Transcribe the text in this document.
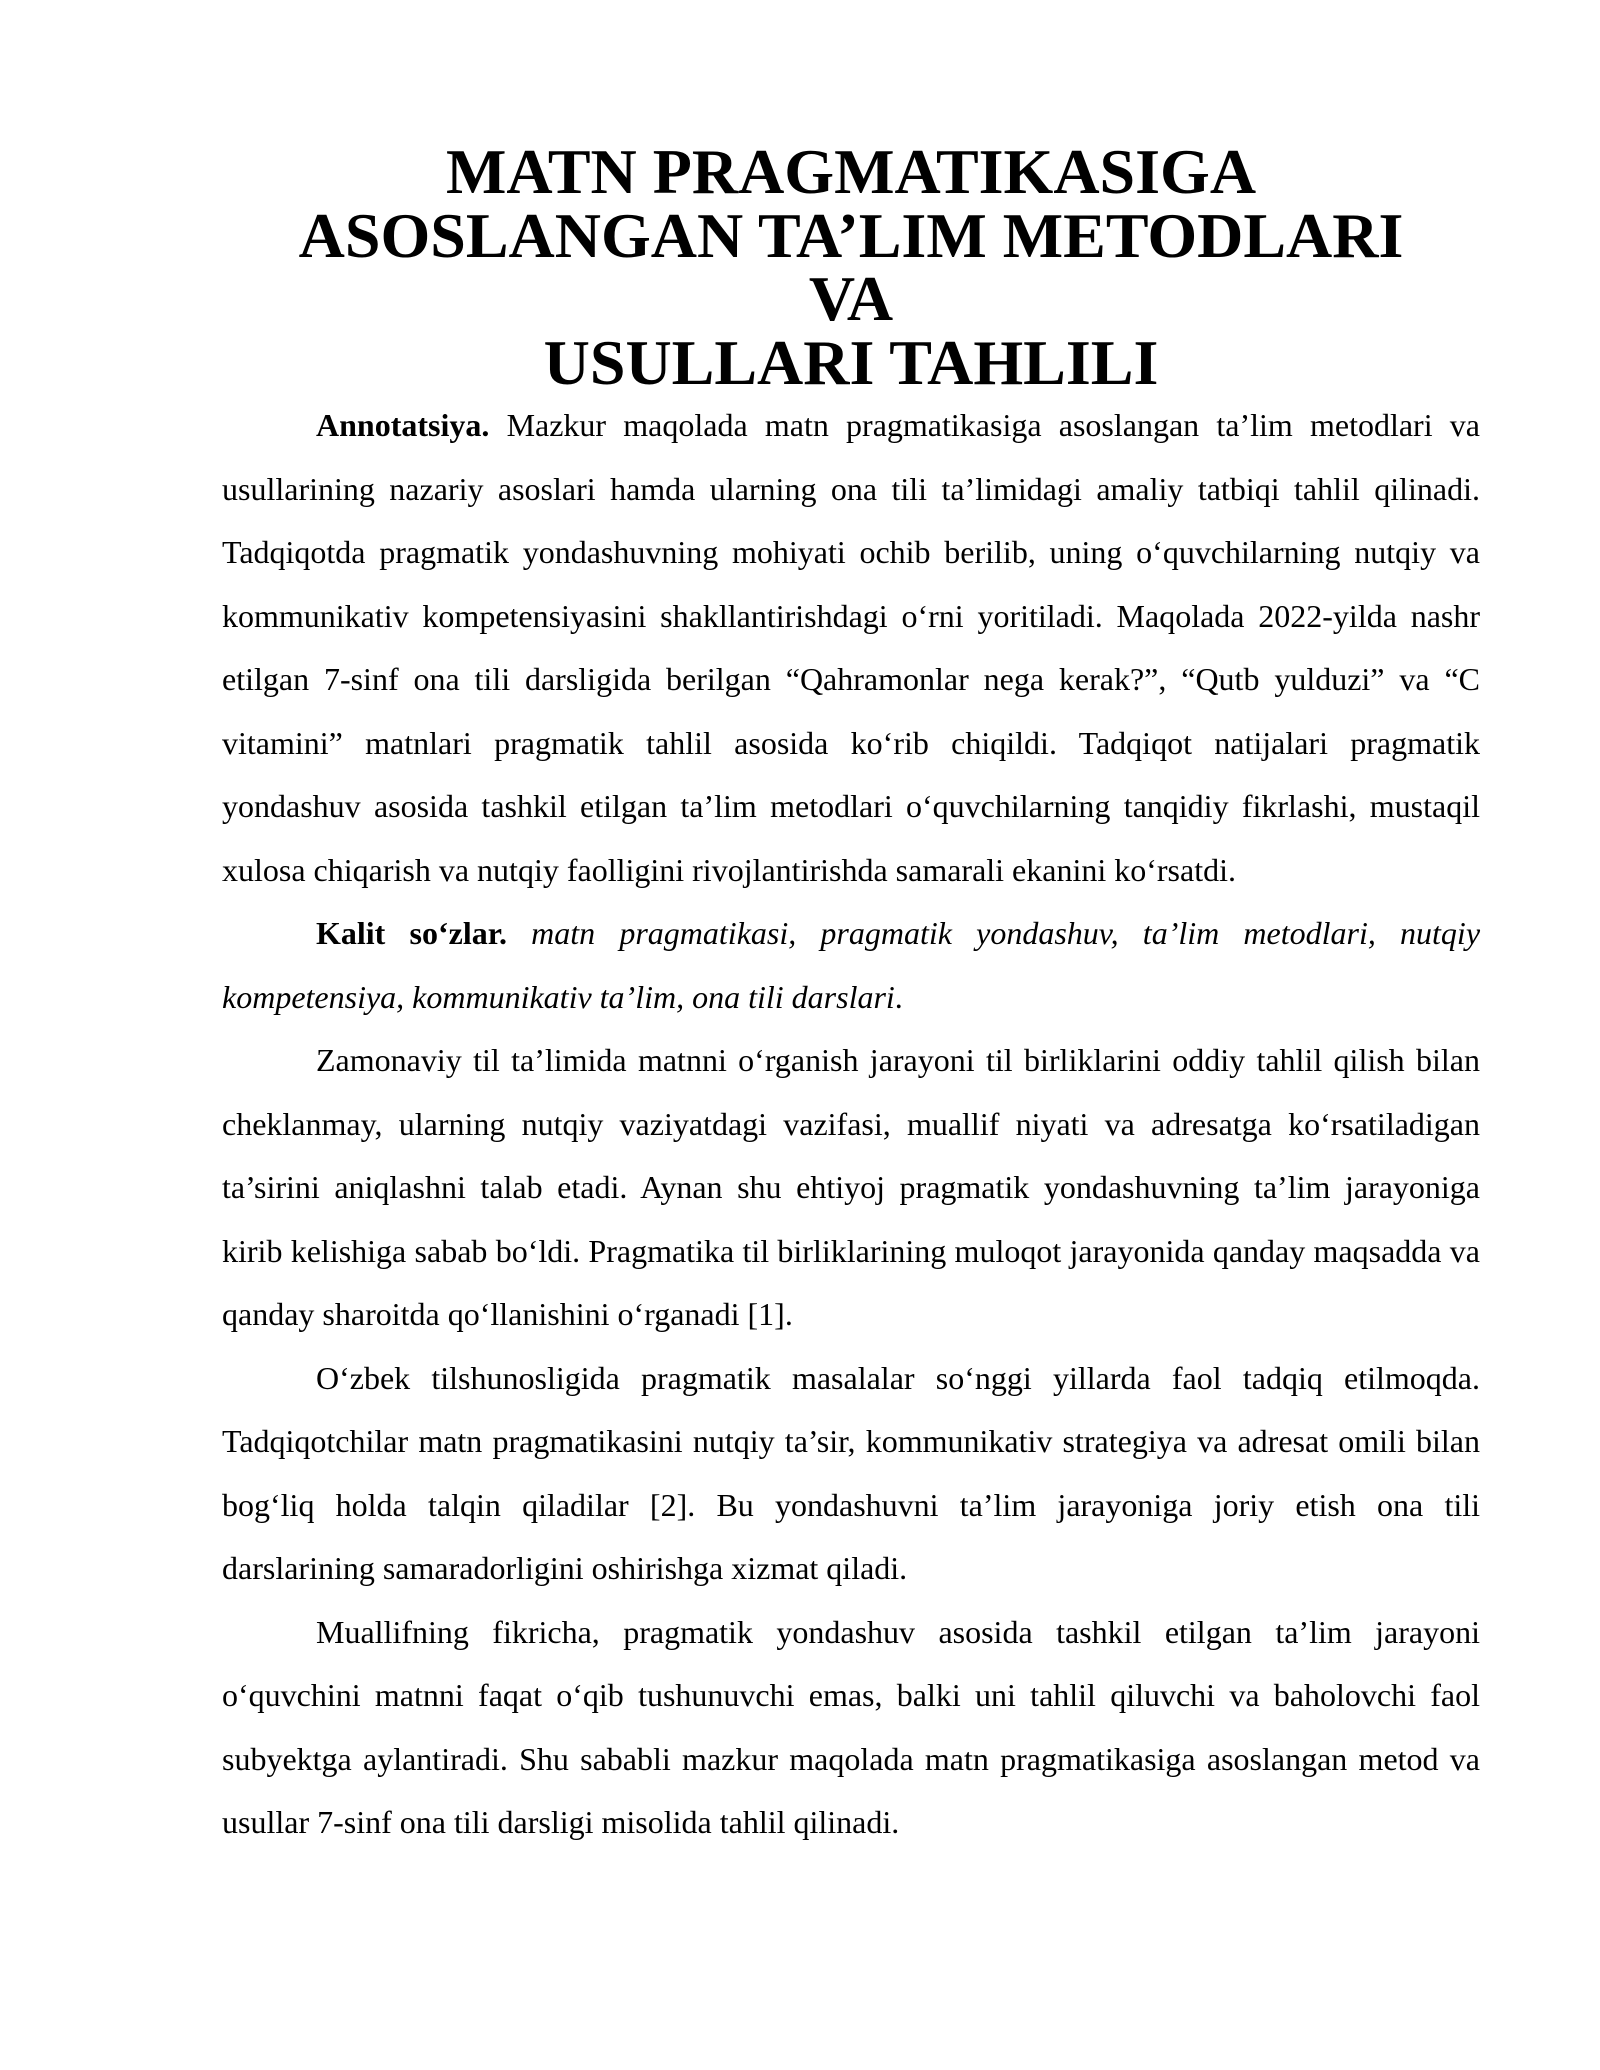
MATN PRAGMATIKASIGA ASOSLANGAN TA’LIM METODLARI VA
USULLARI TAHLILI

Annotatsiya. Mazkur maqolada matn pragmatikasiga asoslangan ta’lim metodlari va usullarining nazariy asoslari hamda ularning ona tili ta’limidagi amaliy tatbiqi tahlil qilinadi. Tadqiqotda pragmatik yondashuvning mohiyati ochib berilib, uning o‘quvchilarning nutqiy va kommunikativ kompetensiyasini shakllantirishdagi o‘rni yoritiladi. Maqolada 2022-yilda nashr etilgan 7-sinf ona tili darsligida berilgan “Qahramonlar nega kerak?”, “Qutb yulduzi” va “C vitamini” matnlari pragmatik tahlil asosida ko‘rib chiqildi. Tadqiqot natijalari pragmatik yondashuv asosida tashkil etilgan ta’lim metodlari o‘quvchilarning tanqidiy fikrlashi, mustaqil xulosa chiqarish va nutqiy faolligini rivojlantirishda samarali ekanini ko‘rsatdi.

Kalit so‘zlar. matn pragmatikasi, pragmatik yondashuv, ta’lim metodlari, nutqiy kompetensiya, kommunikativ ta’lim, ona tili darslari.

Zamonaviy til ta’limida matnni o‘rganish jarayoni til birliklarini oddiy tahlil qilish bilan cheklanmay, ularning nutqiy vaziyatdagi vazifasi, muallif niyati va adresatga ko‘rsatiladigan ta’sirini aniqlashni talab etadi. Aynan shu ehtiyoj pragmatik yondashuvning ta’lim jarayoniga kirib kelishiga sabab bo‘ldi. Pragmatika til birliklarining muloqot jarayonida qanday maqsadda va qanday sharoitda qo‘llanishini o‘rganadi [1].

O‘zbek tilshunosligida pragmatik masalalar so‘nggi yillarda faol tadqiq etilmoqda. Tadqiqotchilar matn pragmatikasini nutqiy ta’sir, kommunikativ strategiya va adresat omili bilan bog‘liq holda talqin qiladilar [2]. Bu yondashuvni ta’lim jarayoniga joriy etish ona tili darslarining samaradorligini oshirishga xizmat qiladi.

Muallifning fikricha, pragmatik yondashuv asosida tashkil etilgan ta’lim jarayoni o‘quvchini matnni faqat o‘qib tushunuvchi emas, balki uni tahlil qiluvchi va baholovchi faol subyektga aylantiradi. Shu sababli mazkur maqolada matn pragmatikasiga asoslangan metod va usullar 7-sinf ona tili darsligi misolida tahlil qilinadi.
